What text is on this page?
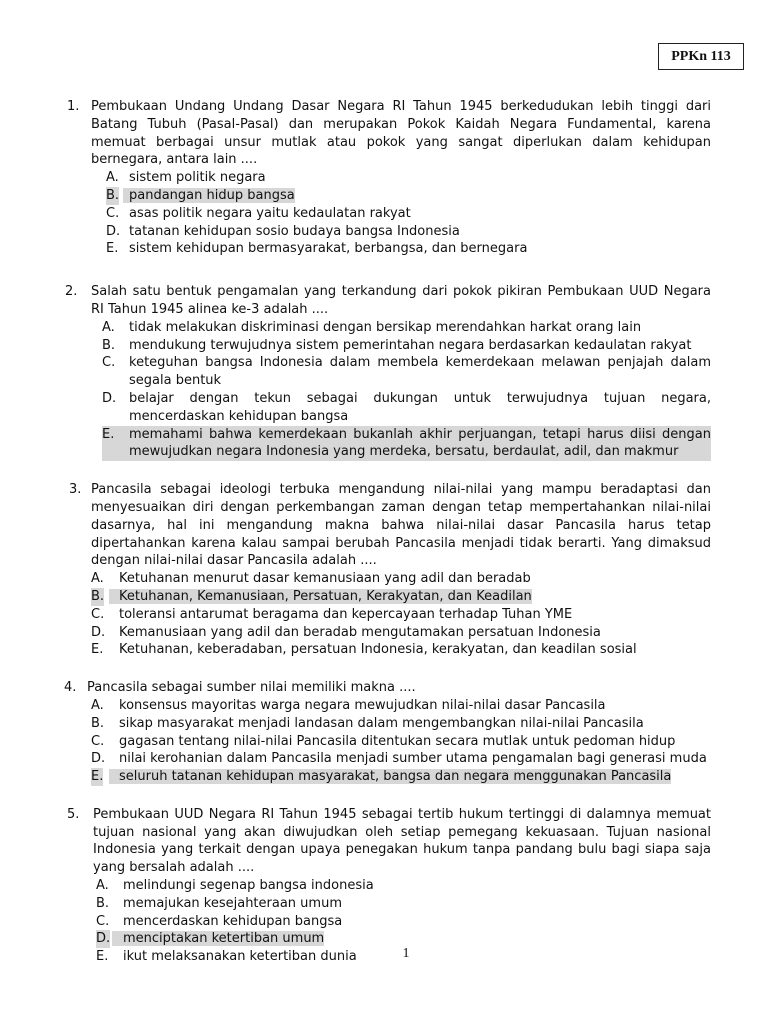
PPKn 113
1. Pembukaan Undang Undang Dasar Negara RI Tahun 1945 berkedudukan lebih tinggi dari Batang Tubuh (Pasal-Pasal) dan merupakan Pokok Kaidah Negara Fundamental, karena memuat berbagai unsur mutlak atau pokok yang sangat diperlukan dalam kehidupan bernegara, antara lain ....
A. sistem politik negara
B. pandangan hidup bangsa
C. asas politik negara yaitu kedaulatan rakyat
D. tatanan kehidupan sosio budaya bangsa Indonesia
E. sistem kehidupan bermasyarakat, berbangsa, dan bernegara
2. Salah satu bentuk pengamalan yang terkandung dari pokok pikiran Pembukaan UUD Negara RI Tahun 1945 alinea ke-3 adalah ....
A. tidak melakukan diskriminasi dengan bersikap merendahkan harkat orang lain
B. mendukung terwujudnya sistem pemerintahan negara berdasarkan kedaulatan rakyat
C. keteguhan bangsa Indonesia dalam membela kemerdekaan melawan penjajah dalam segala bentuk
D. belajar dengan tekun sebagai dukungan untuk terwujudnya tujuan negara, mencerdaskan kehidupan bangsa
E. memahami bahwa kemerdekaan bukanlah akhir perjuangan, tetapi harus diisi dengan mewujudkan negara Indonesia yang merdeka, bersatu, berdaulat, adil, dan makmur
3. Pancasila sebagai ideologi terbuka mengandung nilai-nilai yang mampu beradaptasi dan menyesuaikan diri dengan perkembangan zaman dengan tetap mempertahankan nilai-nilai dasarnya, hal ini mengandung makna bahwa nilai-nilai dasar Pancasila harus tetap dipertahankan karena kalau sampai berubah Pancasila menjadi tidak berarti. Yang dimaksud dengan nilai-nilai dasar Pancasila adalah ....
A. Ketuhanan menurut dasar kemanusiaan yang adil dan beradab
B. Ketuhanan, Kemanusiaan, Persatuan, Kerakyatan, dan Keadilan
C. toleransi antarumat beragama dan kepercayaan terhadap Tuhan YME
D. Kemanusiaan yang adil dan beradab mengutamakan persatuan Indonesia
E. Ketuhanan, keberadaban, persatuan Indonesia, kerakyatan, dan keadilan sosial
4. Pancasila sebagai sumber nilai memiliki makna ....
A. konsensus mayoritas warga negara mewujudkan nilai-nilai dasar Pancasila
B. sikap masyarakat menjadi landasan dalam mengembangkan nilai-nilai Pancasila
C. gagasan tentang nilai-nilai Pancasila ditentukan secara mutlak untuk pedoman hidup
D. nilai kerohanian dalam Pancasila menjadi sumber utama pengamalan bagi generasi muda
E. seluruh tatanan kehidupan masyarakat, bangsa dan negara menggunakan Pancasila
5. Pembukaan UUD Negara RI Tahun 1945 sebagai tertib hukum tertinggi di dalamnya memuat tujuan nasional yang akan diwujudkan oleh setiap pemegang kekuasaan. Tujuan nasional Indonesia yang terkait dengan upaya penegakan hukum tanpa pandang bulu bagi siapa saja yang bersalah adalah ....
A. melindungi segenap bangsa indonesia
B. memajukan kesejahteraan umum
C. mencerdaskan kehidupan bangsa
D. menciptakan ketertiban umum
E. ikut melaksanakan ketertiban dunia	1
